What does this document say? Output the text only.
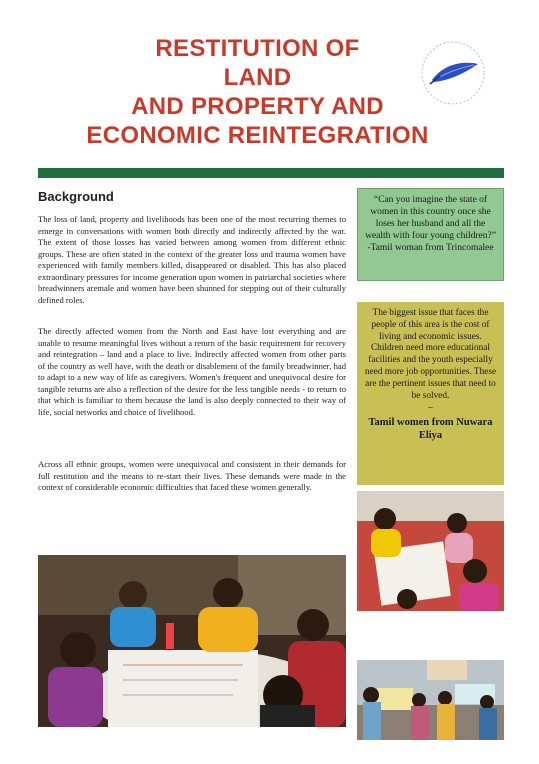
RESTITUTION OF
LAND
AND PROPERTY AND
ECONOMIC REINTEGRATION
Background
The loss of land, property and livelihoods has been one of the most recurring themes to emerge in conversations with women both directly and indirectly affected by the war. The extent of those losses has varied between among women from different ethnic groups. These are often stated in the context of the greater loss and trauma women have experienced with family members killed, disappeared or disabled. This has also placed extraordinary pressures for income generation upon women in patriarchal societies where breadwinners aremale and women have been shunned for stepping out of their culturally defined roles.
The directly affected women from the North and East have lost everything and are unable to resume meaningful lives without a return of the basic requirement for recovery and reintegration – land and a place to live. Indirectly affected women from other parts of the country as well have, with the death or disablement of the family breadwinner, had to adapt to a new way of life as caregivers. Women's frequent and unequivocal desire for tangible returns are also a reflection of the desire for the less tangible needs - to return to that which is familiar to them because the land is also deeply connected to their way of life, social networks and choice of livelihood.
Across all ethnic groups, women were unequivocal and consistent in their demands for full restitution and the means to re-start their lives. These demands were made in the context of considerable economic difficulties that faced these women generally.
“Can you imagine the state of women in this country once she loses her husband and all the wealth with four young children?” -Tamil woman from Trincomalee
The biggest issue that faces the people of this area is the cost of living and economic issues. Children need more educational facilities and the youth especially need more job opportunities. These are the pertinent issues that need to be solved.
–
Tamil women from Nuwara Eliya
